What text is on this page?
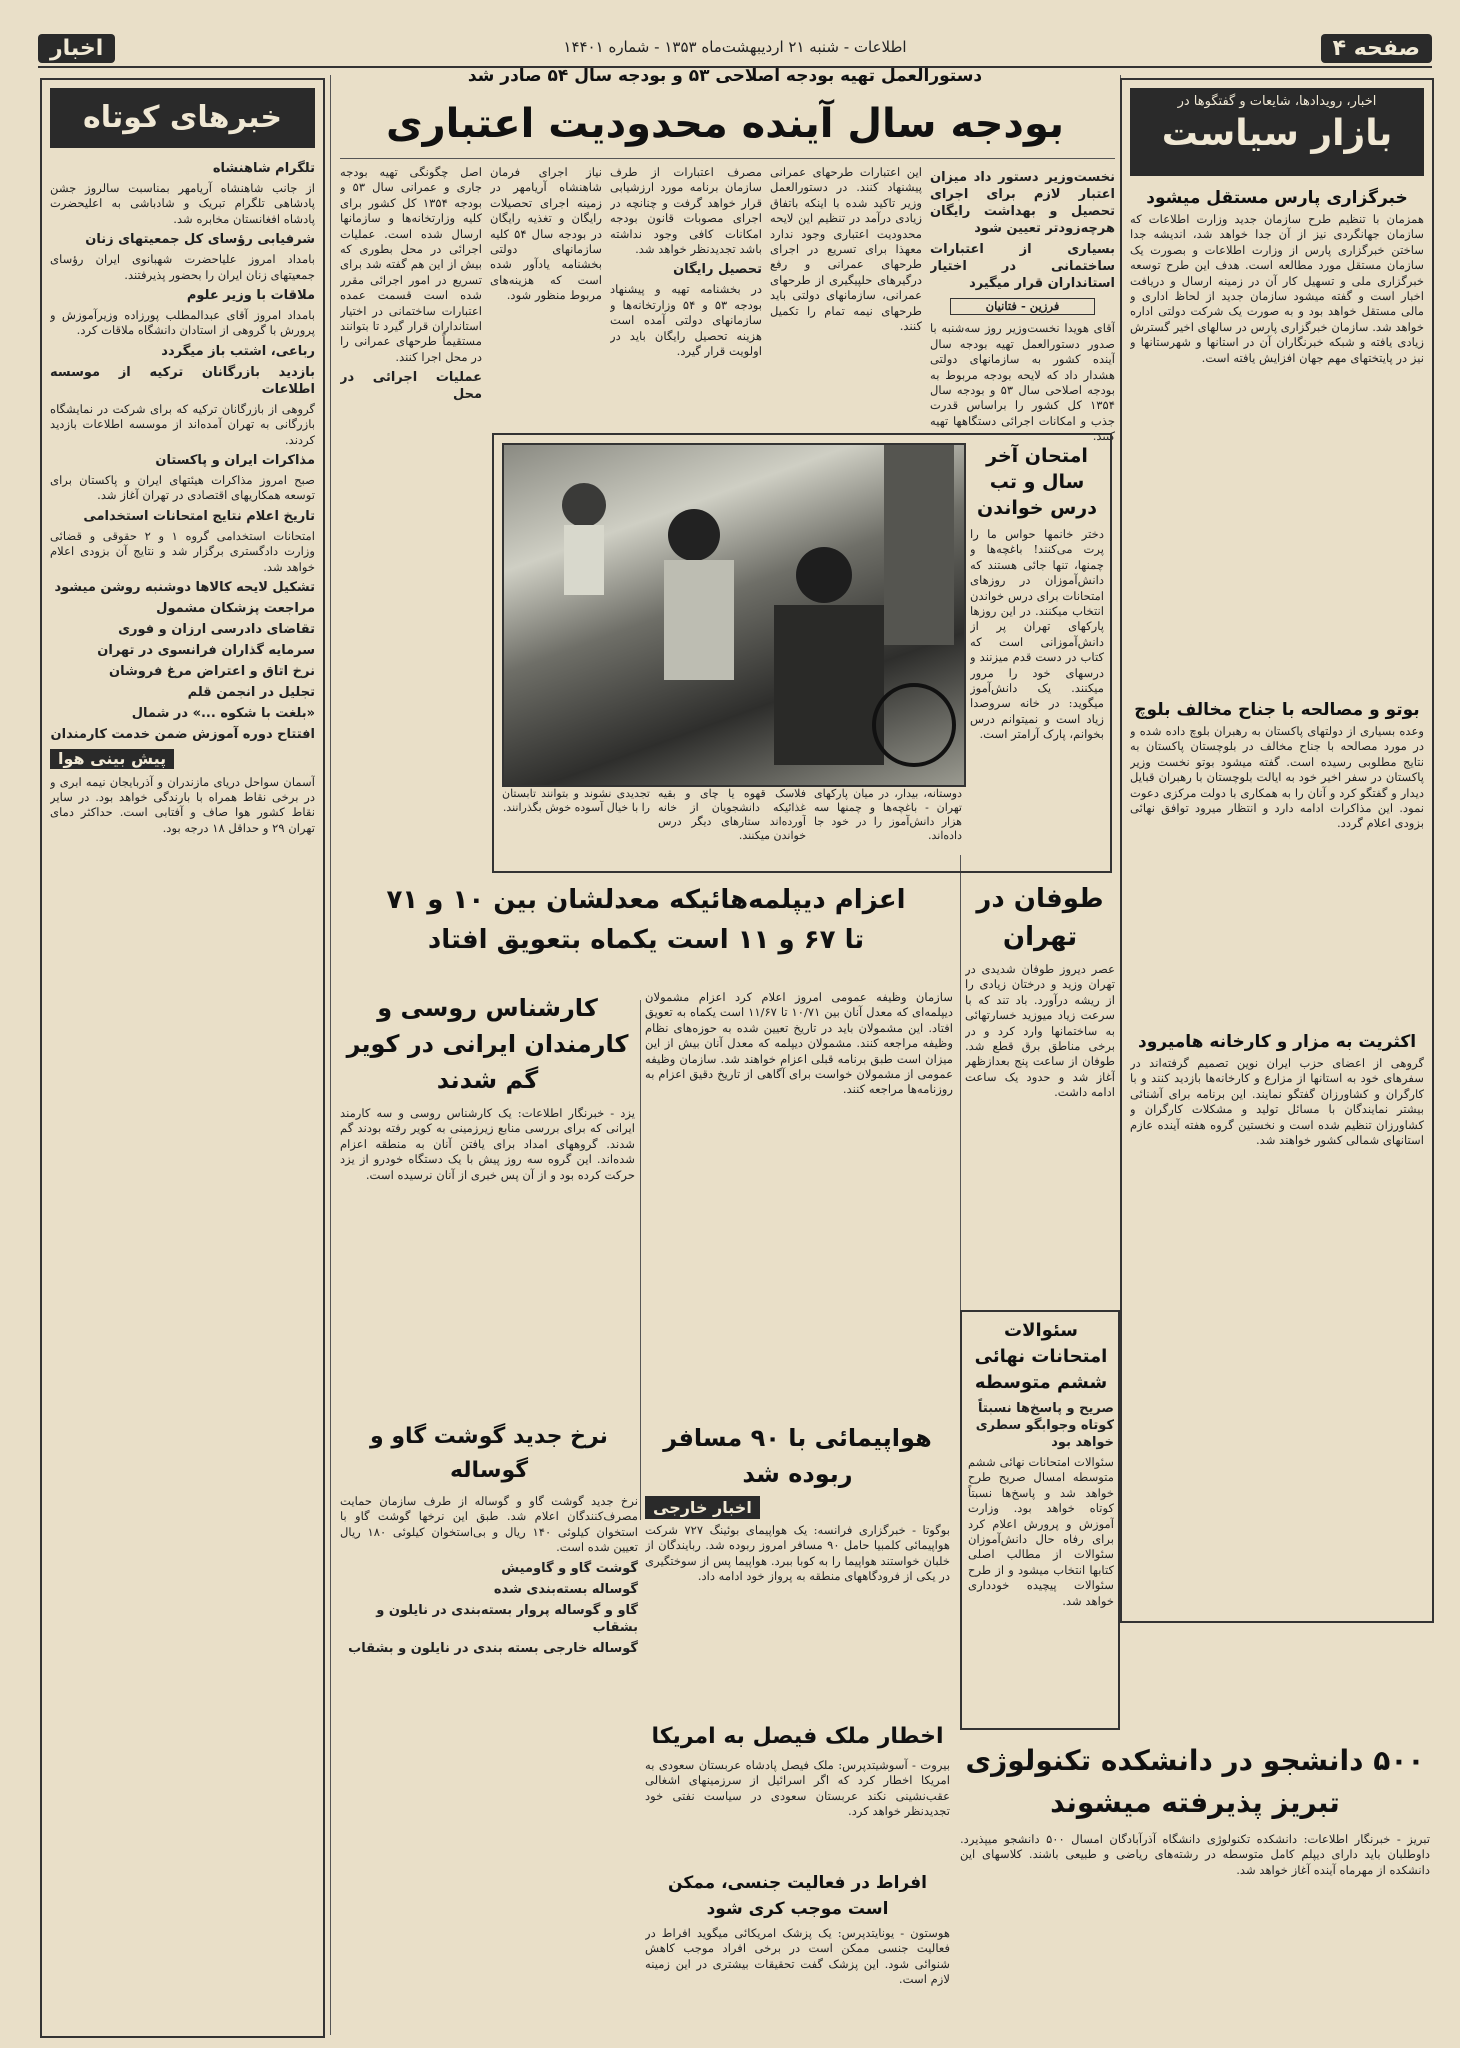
صفحه ۴
اطلاعات - شنبه ۲۱ اردیبهشت‌ماه ۱۳۵۳ - شماره ۱۴۴۰۱
اخبار
اخبار، رویدادها، شایعات و گفتگوها در
بازار سیاست
خبرگزاری پارس مستقل میشود
همزمان با تنظیم طرح سازمان جدید وزارت اطلاعات که سازمان جهانگردی نیز از آن جدا خواهد شد، اندیشه جدا ساختن خبرگزاری پارس از وزارت اطلاعات و بصورت یک سازمان مستقل مورد مطالعه است. هدف این طرح توسعه خبرگزاری ملی و تسهیل کار آن در زمینه ارسال و دریافت اخبار است و گفته میشود سازمان جدید از لحاظ اداری و مالی مستقل خواهد بود و به صورت یک شرکت دولتی اداره خواهد شد. سازمان خبرگزاری پارس در سالهای اخیر گسترش زیادی یافته و شبکه خبرنگاران آن در استانها و شهرستانها و نیز در پایتختهای مهم جهان افزایش یافته است.
بوتو و مصالحه با جناح مخالف بلوچ
وعده بسیاری از دولتهای پاکستان به رهبران بلوچ داده شده و در مورد مصالحه با جناح مخالف در بلوچستان پاکستان به نتایج مطلوبی رسیده است. گفته میشود بوتو نخست وزیر پاکستان در سفر اخیر خود به ایالت بلوچستان با رهبران قبایل دیدار و گفتگو کرد و آنان را به همکاری با دولت مرکزی دعوت نمود. این مذاکرات ادامه دارد و انتظار میرود توافق نهائی بزودی اعلام گردد.
اکثریت به مزار و کارخانه هامیرود
گروهی از اعضای حزب ایران نوین تصمیم گرفته‌اند در سفرهای خود به استانها از مزارع و کارخانه‌ها بازدید کنند و با کارگران و کشاورزان گفتگو نمایند. این برنامه برای آشنائی بیشتر نمایندگان با مسائل تولید و مشکلات کارگران و کشاورزان تنظیم شده است و نخستین گروه هفته آینده عازم استانهای شمالی کشور خواهند شد.
دستورالعمل تهیه بودجه اصلاحی ۵۳ و بودجه سال ۵۴ صادر شد
بودجه سال آینده محدودیت اعتباری
نخست‌وزیر دستور داد میزان اعتبار لازم برای اجرای تحصیل و بهداشت رایگان هرچه‌زودتر تعیین شود
بسیاری از اعتبارات ساختمانی در اختیار استانداران قرار میگیرد
فرزین - فتانیان
آقای هویدا نخست‌وزیر روز سه‌شنبه با صدور دستورالعمل تهیه بودجه سال آینده کشور به سازمانهای دولتی هشدار داد که لایحه بودجه مربوط به بودجه اصلاحی سال ۵۳ و بودجه سال ۱۳۵۴ کل کشور را براساس قدرت جذب و امکانات اجرائی دستگاهها تهیه کنند.
این اعتبارات طرحهای عمرانی پیشنهاد کنند. در دستورالعمل وزیر تاکید شده با اینکه باتفاق زیادی درآمد در تنظیم این لایحه محدودیت اعتباری وجود ندارد معهذا برای تسریع در اجرای طرحهای عمرانی و رفع درگیرهای حلپیگیری از طرحهای عمرانی، سازمانهای دولتی باید طرحهای نیمه تمام را تکمیل کنند.
مصرف اعتبارات از طرف سازمان برنامه مورد ارزشیابی قرار خواهد گرفت و چنانچه در اجرای مصوبات قانون بودجه امکانات کافی وجود نداشته باشد تجدیدنظر خواهد شد.
تحصیل رایگان
در بخشنامه تهیه و پیشنهاد بودجه ۵۳ و ۵۴ وزارتخانه‌ها و سازمانهای دولتی آمده است هزینه تحصیل رایگان باید در اولویت قرار گیرد.
نیاز اجرای فرمان شاهنشاه آریامهر در زمینه اجرای تحصیلات رایگان و تغذیه رایگان در بودجه سال ۵۴ کلیه سازمانهای دولتی بخشنامه یادآور شده است که هزینه‌های مربوط منظور شود.
اصل چگونگی تهیه بودجه جاری و عمرانی سال ۵۳ و بودجه ۱۳۵۴ کل کشور برای کلیه وزارتخانه‌ها و سازمانها ارسال شده است. عملیات اجرائی در محل بطوری که بیش از این هم گفته شد برای تسریع در امور اجرائی مقرر شده است قسمت عمده اعتبارات ساختمانی در اختیار استانداران قرار گیرد تا بتوانند مستقیماً طرحهای عمرانی را در محل اجرا کنند.
عملیات اجرائی در محل
امتحان آخر سال و تب درس خواندن
دختر خانمها حواس ما را پرت می‌کنند! باغچه‌ها و چمنها، تنها جائی هستند که دانش‌آموزان در روزهای امتحانات برای درس خواندن انتخاب میکنند. در این روزها پارکهای تهران پر از دانش‌آموزانی است که کتاب در دست قدم میزنند و درسهای خود را مرور میکنند. یک دانش‌آموز میگوید: در خانه سروصدا زیاد است و نمیتوانم درس بخوانم، پارک آرامتر است.
دوستانه، بیدار، در میان پارکهای تهران - باغچه‌ها و چمنها سه هزار دانش‌آموز را در خود جا داده‌اند.
فلاسک قهوه یا چای و بقیه غذائیکه دانشجویان از خانه آورده‌اند ستارهای دیگر درس خواندن میکنند.
تجدیدی نشوند و بتوانند تابستان را با خیال آسوده خوش بگذرانند.
طوفان در تهران
عصر دیروز طوفان شدیدی در تهران وزید و درختان زیادی را از ریشه درآورد. باد تند که با سرعت زیاد میوزید خسارتهائی به ساختمانها وارد کرد و در برخی مناطق برق قطع شد. طوفان از ساعت پنج بعدازظهر آغاز شد و حدود یک ساعت ادامه داشت.
اعزام دیپلمه‌هائیکه معدلشان بین ۱۰ و ۷۱
تا ۶۷ و ۱۱ است یکماه بتعویق افتاد
سازمان وظیفه عمومی امروز اعلام کرد اعزام مشمولان دیپلمه‌ای که معدل آنان بین ۱۰/۷۱ تا ۱۱/۶۷ است یکماه به تعویق افتاد. این مشمولان باید در تاریخ تعیین شده به حوزه‌های نظام وظیفه مراجعه کنند. مشمولان دیپلمه که معدل آنان بیش از این میزان است طبق برنامه قبلی اعزام خواهند شد. سازمان وظیفه عمومی از مشمولان خواست برای آگاهی از تاریخ دقیق اعزام به روزنامه‌ها مراجعه کنند.
کارشناس روسی و کارمندان ایرانی در کویر گم شدند
یزد - خبرنگار اطلاعات: یک کارشناس روسی و سه کارمند ایرانی که برای بررسی منابع زیرزمینی به کویر رفته بودند گم شدند. گروههای امداد برای یافتن آنان به منطقه اعزام شده‌اند. این گروه سه روز پیش با یک دستگاه خودرو از یزد حرکت کرده بود و از آن پس خبری از آنان نرسیده است.
سئوالات امتحانات نهائی ششم متوسطه
صریح و پاسخ‌ها نسبتاً کوتاه وجوابگو سطری خواهد بود
سئوالات امتحانات نهائی ششم متوسطه امسال صریح طرح خواهد شد و پاسخ‌ها نسبتاً کوتاه خواهد بود. وزارت آموزش و پرورش اعلام کرد برای رفاه حال دانش‌آموزان سئوالات از مطالب اصلی کتابها انتخاب میشود و از طرح سئوالات پیچیده خودداری خواهد شد.
هواپیمائی با ۹۰ مسافر ربوده شد
اخبار خارجی
بوگوتا - خبرگزاری فرانسه: یک هواپیمای بوئینگ ۷۲۷ شرکت هواپیمائی کلمبیا حامل ۹۰ مسافر امروز ربوده شد. ربایندگان از خلبان خواستند هواپیما را به کوبا ببرد. هواپیما پس از سوختگیری در یکی از فرودگاههای منطقه به پرواز خود ادامه داد.
نرخ جدید گوشت گاو و گوساله
نرخ جدید گوشت گاو و گوساله از طرف سازمان حمایت مصرف‌کنندگان اعلام شد. طبق این نرخها گوشت گاو با استخوان کیلوئی ۱۴۰ ریال و بی‌استخوان کیلوئی ۱۸۰ ریال تعیین شده است.
گوشت گاو و گاومیش
گوساله بسته‌بندی شده
گاو و گوساله پروار بسته‌بندی در نایلون و بشقاب
گوساله خارجی بسته بندی در نایلون و بشقاب
اخطار ملک فیصل به امریکا
بیروت - آسوشیتدپرس: ملک فیصل پادشاه عربستان سعودی به امریکا اخطار کرد که اگر اسرائیل از سرزمینهای اشغالی عقب‌نشینی نکند عربستان سعودی در سیاست نفتی خود تجدیدنظر خواهد کرد.
افراط در فعالیت جنسی، ممکن است موجب کری شود
هوستون - یونایتدپرس: یک پزشک امریکائی میگوید افراط در فعالیت جنسی ممکن است در برخی افراد موجب کاهش شنوائی شود. این پزشک گفت تحقیقات بیشتری در این زمینه لازم است.
۵۰۰ دانشجو در دانشکده تکنولوژی
تبریز پذیرفته میشوند
تبریز - خبرنگار اطلاعات: دانشکده تکنولوژی دانشگاه آذرآبادگان امسال ۵۰۰ دانشجو میپذیرد. داوطلبان باید دارای دیپلم کامل متوسطه در رشته‌های ریاضی و طبیعی باشند. کلاسهای این دانشکده از مهرماه آینده آغاز خواهد شد.
خبرهای کوتاه
تلگرام شاهنشاه
از جانب شاهنشاه آریامهر بمناسبت سالروز جشن پادشاهی تلگرام تبریک و شادباشی به اعلیحضرت پادشاه افغانستان مخابره شد.
شرفیابی رؤسای کل جمعیتهای زنان
بامداد امروز علیاحضرت شهبانوی ایران رؤسای جمعیتهای زنان ایران را بحضور پذیرفتند.
ملاقات با وزیر علوم
بامداد امروز آقای عبدالمطلب پورزاده وزیرآموزش و پرورش با گروهی از استادان دانشگاه ملاقات کرد.
رباعی، اشتب باز میگردد
بازدید بازرگانان ترکیه از موسسه اطلاعات
گروهی از بازرگانان ترکیه که برای شرکت در نمایشگاه بازرگانی به تهران آمده‌اند از موسسه اطلاعات بازدید کردند.
مذاکرات ایران و پاکستان
صبح امروز مذاکرات هیئتهای ایران و پاکستان برای توسعه همکاریهای اقتصادی در تهران آغاز شد.
تاریخ اعلام نتایج امتحانات استخدامی
امتحانات استخدامی گروه ۱ و ۲ حقوقی و قضائی وزارت دادگستری برگزار شد و نتایج آن بزودی اعلام خواهد شد.
تشکیل لایحه کالاها دوشنبه روشن میشود
مراجعت پزشکان مشمول
تقاضای دادرسی ارزان و فوری
سرمایه گذاران فرانسوی در تهران
نرخ اتاق و اعتراض مرغ فروشان
تجلیل در انجمن قلم
«بلغت با شکوه ...» در شمال
افتتاح دوره آموزش ضمن خدمت کارمندان
پیش بینی هوا
آسمان سواحل دریای مازندران و آذربایجان نیمه ابری و در برخی نقاط همراه با بارندگی خواهد بود. در سایر نقاط کشور هوا صاف و آفتابی است. حداکثر دمای تهران ۲۹ و حداقل ۱۸ درجه بود.
